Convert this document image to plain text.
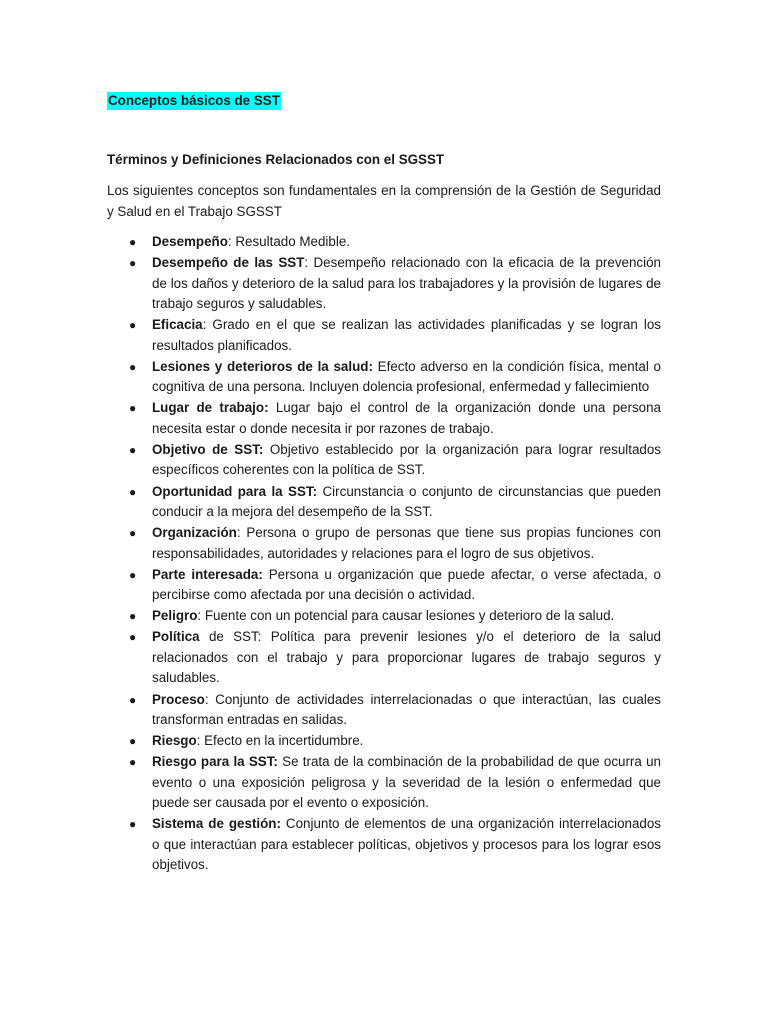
Conceptos básicos de SST
Términos y Definiciones Relacionados con el SGSST

Los siguientes conceptos son fundamentales en la comprensión de la Gestión de Seguridad y Salud en el Trabajo SGSST

● Desempeño: Resultado Medible.
● Desempeño de las SST: Desempeño relacionado con la eficacia de la prevención de los daños y deterioro de la salud para los trabajadores y la provisión de lugares de trabajo seguros y saludables.
● Eficacia: Grado en el que se realizan las actividades planificadas y se logran los resultados planificados.
● Lesiones y deterioros de la salud: Efecto adverso en la condición física, mental o cognitiva de una persona. Incluyen dolencia profesional, enfermedad y fallecimiento
● Lugar de trabajo: Lugar bajo el control de la organización donde una persona necesita estar o donde necesita ir por razones de trabajo.
● Objetivo de SST: Objetivo establecido por la organización para lograr resultados específicos coherentes con la política de SST.
● Oportunidad para la SST: Circunstancia o conjunto de circunstancias que pueden conducir a la mejora del desempeño de la SST.
● Organización: Persona o grupo de personas que tiene sus propias funciones con responsabilidades, autoridades y relaciones para el logro de sus objetivos.
● Parte interesada: Persona u organización que puede afectar, o verse afectada, o percibirse como afectada por una decisión o actividad.
● Peligro: Fuente con un potencial para causar lesiones y deterioro de la salud.
● Política de SST: Política para prevenir lesiones y/o el deterioro de la salud relacionados con el trabajo y para proporcionar lugares de trabajo seguros y saludables.
● Proceso: Conjunto de actividades interrelacionadas o que interactúan, las cuales transforman entradas en salidas.
● Riesgo: Efecto en la incertidumbre.
● Riesgo para la SST: Se trata de la combinación de la probabilidad de que ocurra un evento o una exposición peligrosa y la severidad de la lesión o enfermedad que puede ser causada por el evento o exposición.
● Sistema de gestión: Conjunto de elementos de una organización interrelacionados o que interactúan para establecer políticas, objetivos y procesos para los lograr esos objetivos.
